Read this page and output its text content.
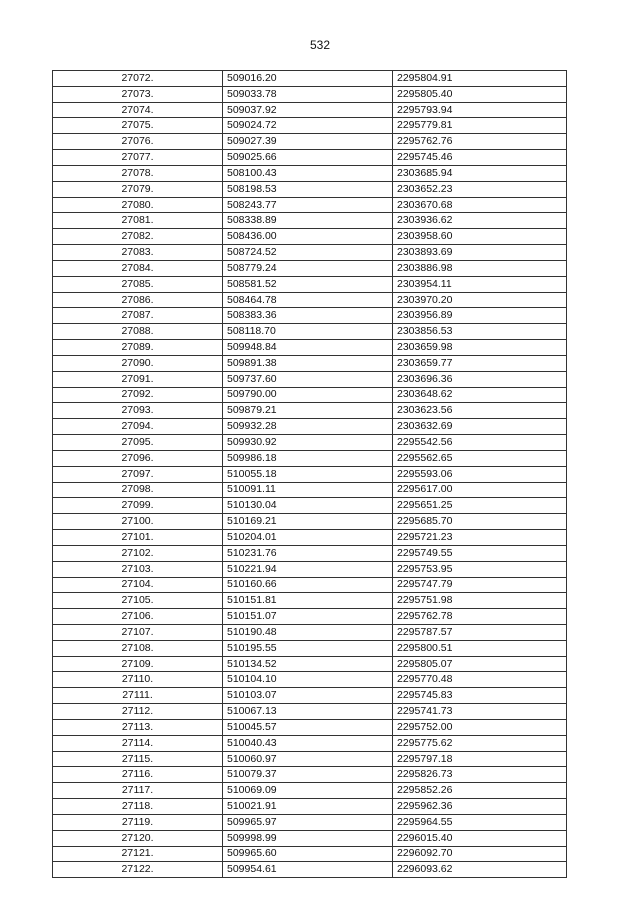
532
27072.	509016.20	2295804.91
27073.	509033.78	2295805.40
27074.	509037.92	2295793.94
27075.	509024.72	2295779.81
27076.	509027.39	2295762.76
27077.	509025.66	2295745.46
27078.	508100.43	2303685.94
27079.	508198.53	2303652.23
27080.	508243.77	2303670.68
27081.	508338.89	2303936.62
27082.	508436.00	2303958.60
27083.	508724.52	2303893.69
27084.	508779.24	2303886.98
27085.	508581.52	2303954.11
27086.	508464.78	2303970.20
27087.	508383.36	2303956.89
27088.	508118.70	2303856.53
27089.	509948.84	2303659.98
27090.	509891.38	2303659.77
27091.	509737.60	2303696.36
27092.	509790.00	2303648.62
27093.	509879.21	2303623.56
27094.	509932.28	2303632.69
27095.	509930.92	2295542.56
27096.	509986.18	2295562.65
27097.	510055.18	2295593.06
27098.	510091.11	2295617.00
27099.	510130.04	2295651.25
27100.	510169.21	2295685.70
27101.	510204.01	2295721.23
27102.	510231.76	2295749.55
27103.	510221.94	2295753.95
27104.	510160.66	2295747.79
27105.	510151.81	2295751.98
27106.	510151.07	2295762.78
27107.	510190.48	2295787.57
27108.	510195.55	2295800.51
27109.	510134.52	2295805.07
27110.	510104.10	2295770.48
27111.	510103.07	2295745.83
27112.	510067.13	2295741.73
27113.	510045.57	2295752.00
27114.	510040.43	2295775.62
27115.	510060.97	2295797.18
27116.	510079.37	2295826.73
27117.	510069.09	2295852.26
27118.	510021.91	2295962.36
27119.	509965.97	2295964.55
27120.	509998.99	2296015.40
27121.	509965.60	2296092.70
27122.	509954.61	2296093.62
